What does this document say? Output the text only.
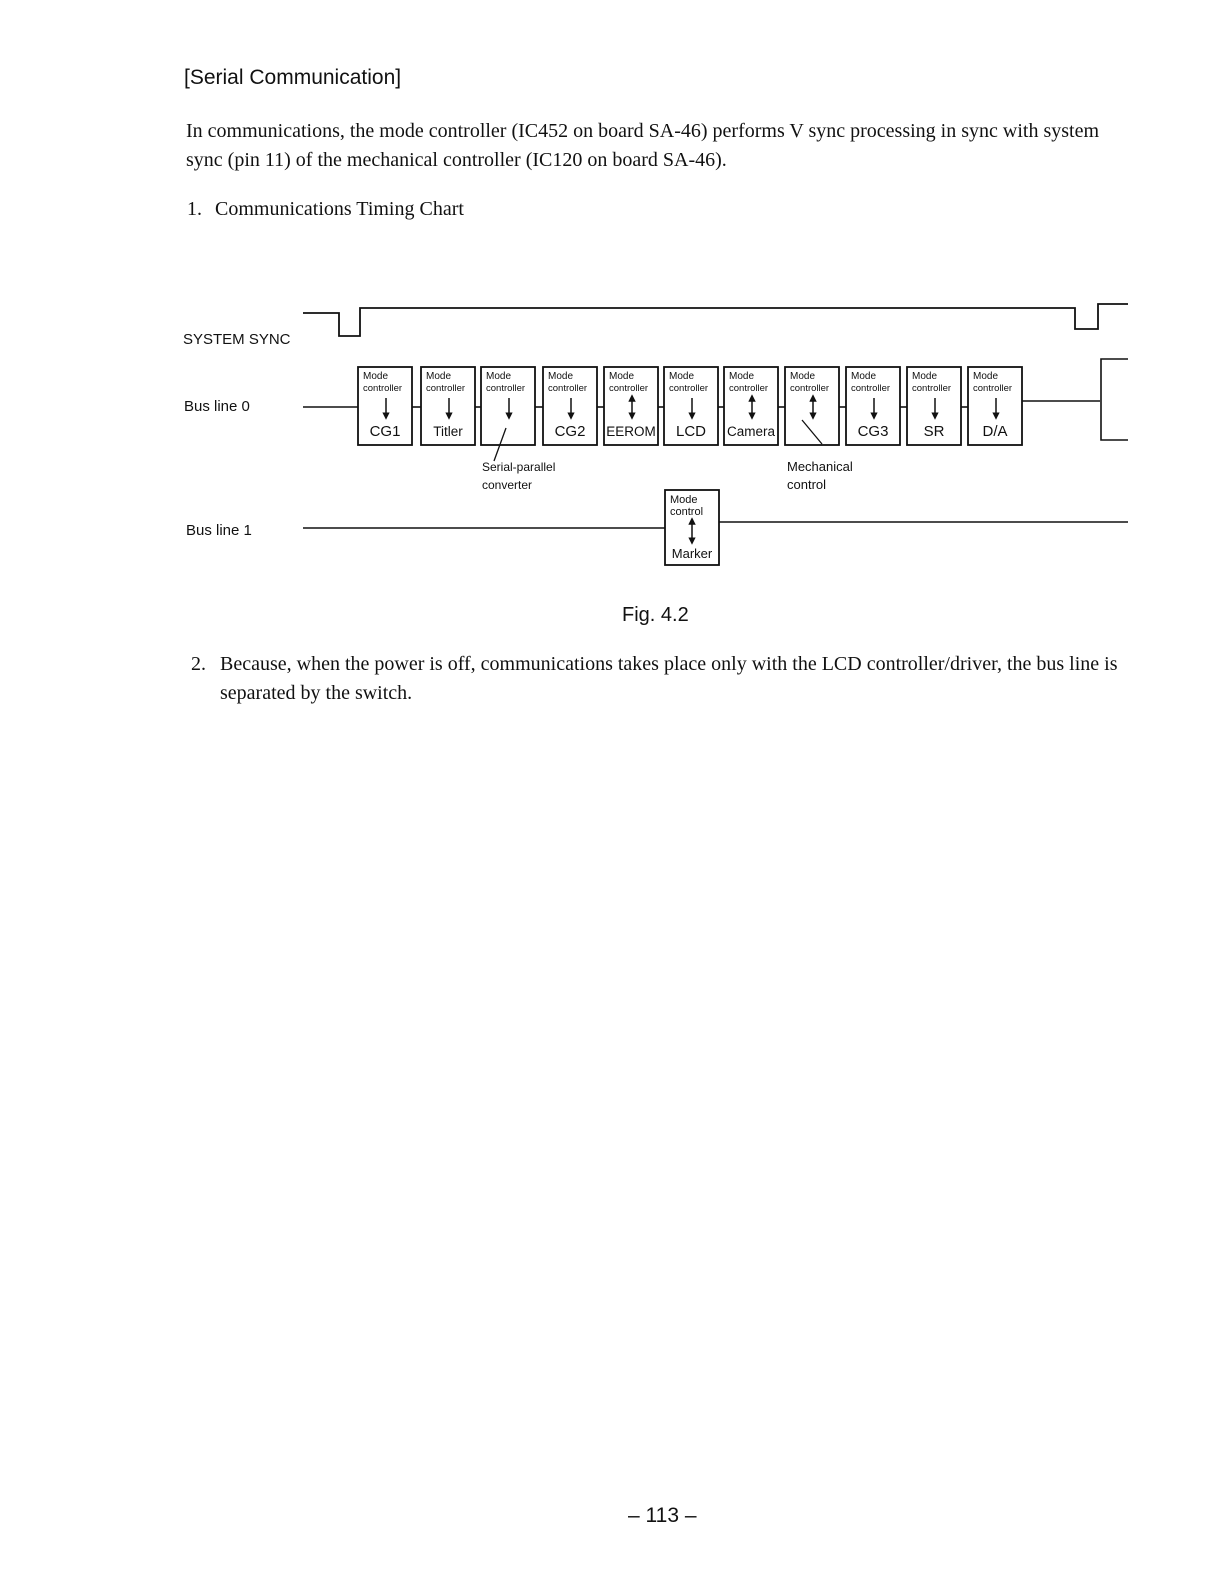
[Serial Communication]

In communications, the mode controller (IC452 on board SA-46) performs V sync processing in sync with system sync (pin 11) of the mechanical controller (IC120 on board SA-46).

1. Communications Timing Chart
SYSTEM SYNC
Bus line 0
Bus line 1
Mode
controller
CG1
Mode
controller
Titler
Mode
controller
Mode
controller
CG2
Mode
controller
EEROM
Mode
controller
LCD
Mode
controller
Camera
Mode
controller
Mode
controller
CG3
Mode
controller
SR
Mode
controller
D/A
Serial-parallel
converter
Mechanical
control
Mode
control
Marker
Fig. 4.2
2. Because, when the power is off, communications takes place only with the LCD controller/driver, the bus line is separated by the switch.
– 113 –
